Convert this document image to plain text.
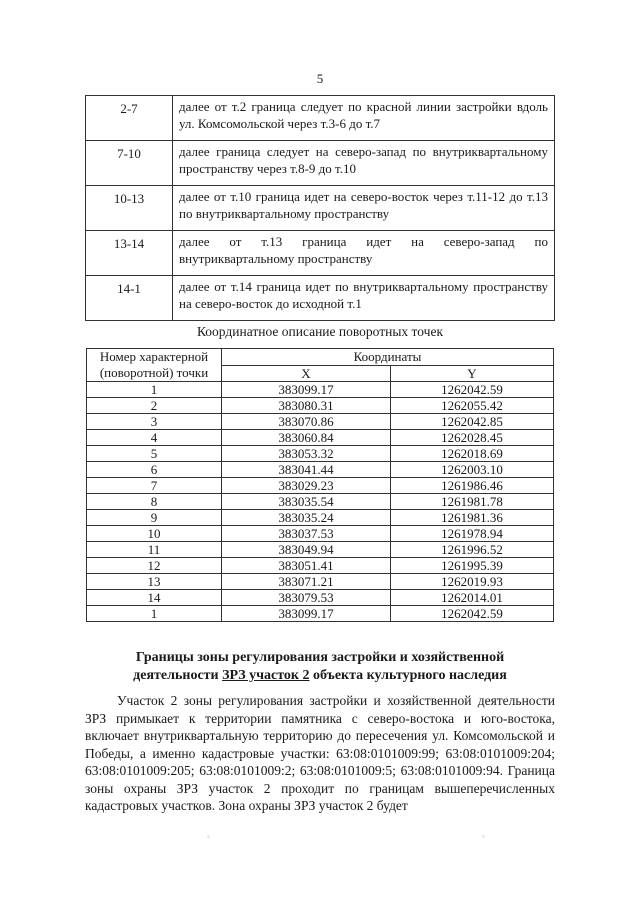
5
2-7	далее от т.2 граница следует по красной линии застройки вдоль ул. Комсомольской через т.3-6 до т.7
7-10	далее граница следует на северо-запад по внутриквартальному пространству через т.8-9 до т.10
10-13	далее от т.10 граница идет на северо-восток через т.11-12 до т.13 по внутриквартальному пространству
13-14	далее от т.13 граница идет на северо-запад по внутриквартальному пространству
14-1	далее от т.14 граница идет по внутриквартальному пространству на северо-восток до исходной т.1
Координатное описание поворотных точек
Номер характерной (поворотной) точки	Координаты	
	X	Y
1	383099.17	1262042.59
2	383080.31	1262055.42
3	383070.86	1262042.85
4	383060.84	1262028.45
5	383053.32	1262018.69
6	383041.44	1262003.10
7	383029.23	1261986.46
8	383035.54	1261981.78
9	383035.24	1261981.36
10	383037.53	1261978.94
11	383049.94	1261996.52
12	383051.41	1261995.39
13	383071.21	1262019.93
14	383079.53	1262014.01
1	383099.17	1262042.59
Границы зоны регулирования застройки и хозяйственной
деятельности ЗРЗ участок 2 объекта культурного наследия

Участок 2 зоны регулирования застройки и хозяйственной деятельности ЗРЗ примыкает к территории памятника с северо-востока и юго-востока, включает внутриквартальную территорию до пересечения ул. Комсомольской и Победы, а именно кадастровые участки: 63:08:0101009:99; 63:08:0101009:204; 63:08:0101009:205; 63:08:0101009:2; 63:08:0101009:5; 63:08:0101009:94. Граница зоны охраны ЗРЗ участок 2 проходит по границам вышеперечисленных кадастровых участков. Зона охраны ЗРЗ участок 2 будет

◦	◦
